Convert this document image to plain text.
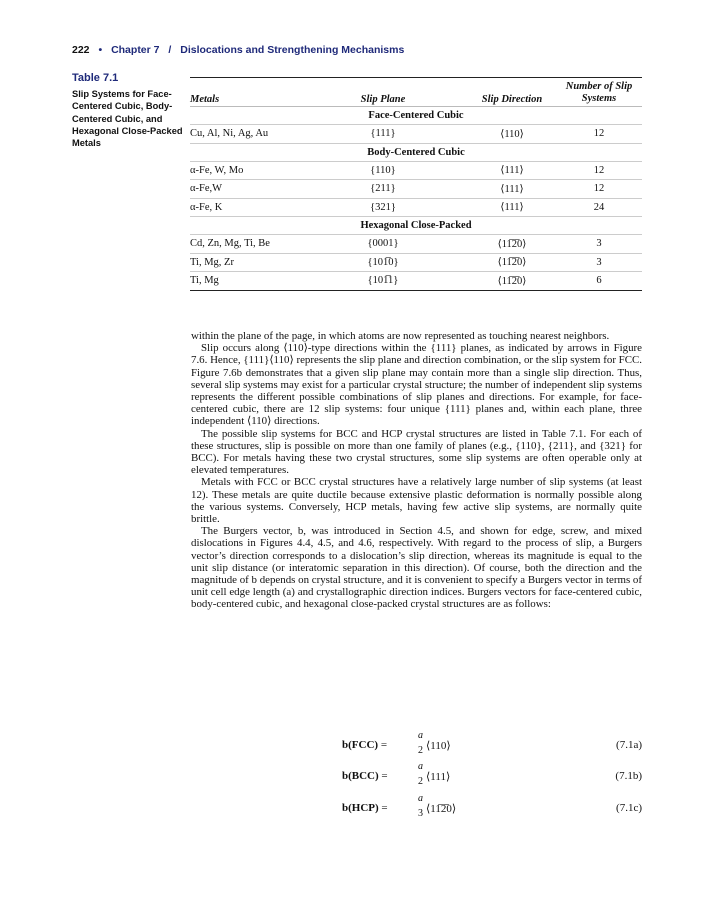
222 • Chapter 7 / Dislocations and Strengthening Mechanisms
Table 7.1
Slip Systems for Face-Centered Cubic, Body-Centered Cubic, and Hexagonal Close-Packed Metals
Metals	Slip Plane	Slip Direction
Number of Slip Systems
Face-Centered Cubic
Cu, Al, Ni, Ag, Au	{111}	⟨110⟩	12
Body-Centered Cubic
α-Fe, W, Mo	{110}	⟨111⟩	12
α-Fe,W	{211}	⟨111⟩	12
α-Fe, K	{321}	⟨111⟩	24
Hexagonal Close-Packed
Cd, Zn, Mg, Ti, Be	{0001}	⟨11̅2̅0⟩	3
Ti, Mg, Zr	{101̅0}	⟨11̅2̅0⟩	3
Ti, Mg	{101̅1}	⟨11̅2̅0⟩	6

within the plane of the page, in which atoms are now represented as touching nearest neighbors.

Slip occurs along ⟨110⟩-type directions within the {111} planes, as indicated by arrows in Figure 7.6. Hence, {111}⟨110⟩ represents the slip plane and direction combination, or the slip system for FCC. Figure 7.6b demonstrates that a given slip plane may contain more than a single slip direction. Thus, several slip systems may exist for a particular crystal structure; the number of independent slip systems represents the different possible combinations of slip planes and directions. For example, for face-centered cubic, there are 12 slip systems: four unique {111} planes and, within each plane, three independent ⟨110⟩ directions.

The possible slip systems for BCC and HCP crystal structures are listed in Table 7.1. For each of these structures, slip is possible on more than one family of planes (e.g., {110}, {211}, and {321} for BCC). For metals having these two crystal structures, some slip systems are often operable only at elevated temperatures.

Metals with FCC or BCC crystal structures have a relatively large number of slip systems (at least 12). These metals are quite ductile because extensive plastic deformation is normally possible along the various systems. Conversely, HCP metals, having few active slip systems, are normally quite brittle.

The Burgers vector, b, was introduced in Section 4.5, and shown for edge, screw, and mixed dislocations in Figures 4.4, 4.5, and 4.6, respectively. With regard to the process of slip, a Burgers vector’s direction corresponds to a dislocation’s slip direction, whereas its magnitude is equal to the unit slip distance (or interatomic separation in this direction). Of course, both the direction and the magnitude of b depends on crystal structure, and it is convenient to specify a Burgers vector in terms of unit cell edge length (a) and crystallographic direction indices. Burgers vectors for face-centered cubic, body-centered cubic, and hexagonal close-packed crystal structures are as follows:

b(FCC) =
a
2 ⟨110⟩	(7.1a)
b(BCC) =
a
2 ⟨111⟩	(7.1b)
b(HCP) =
a
3 ⟨11̅2̅0⟩	(7.1c)
